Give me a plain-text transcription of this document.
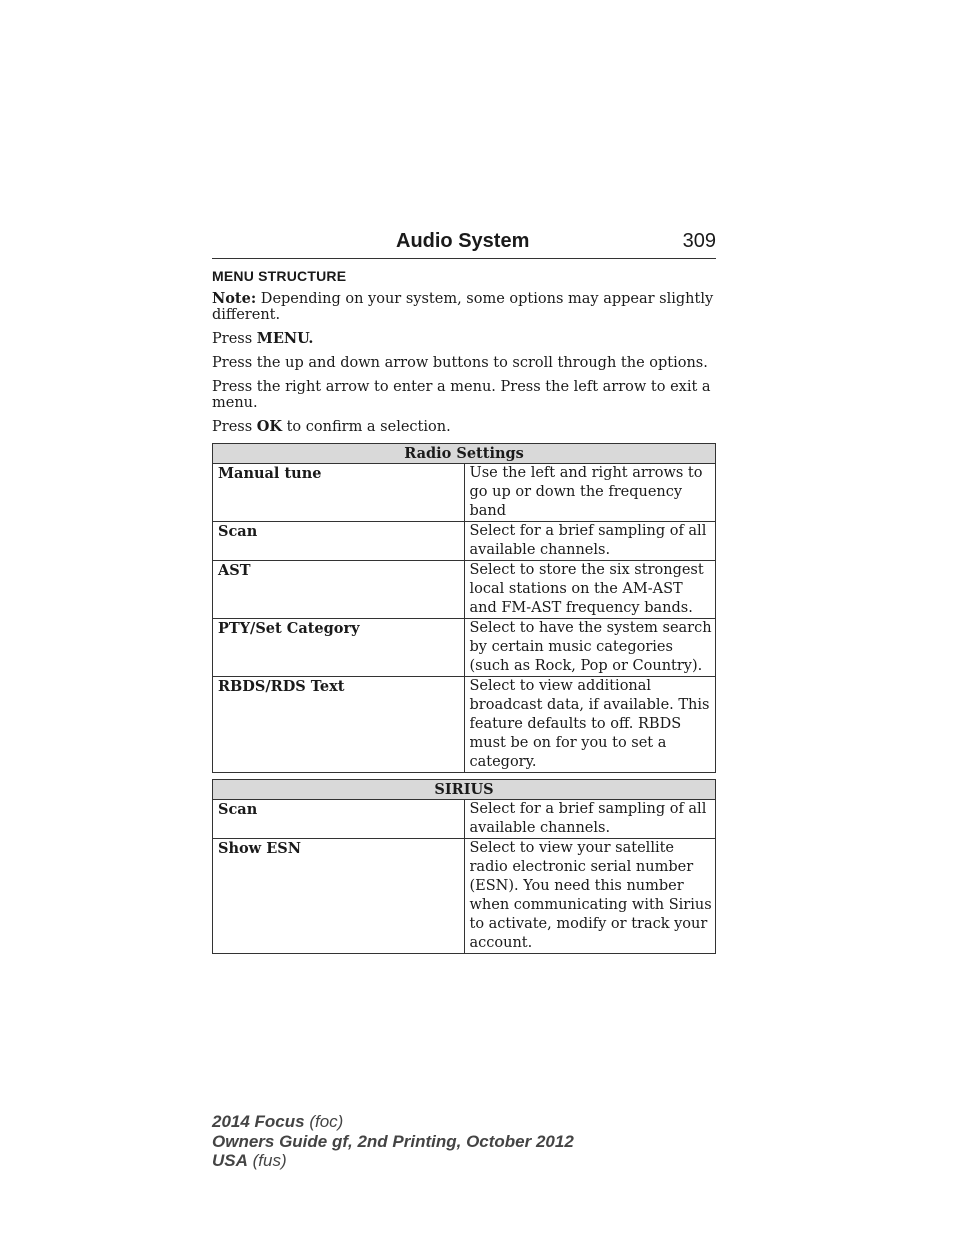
Audio System	309
MENU STRUCTURE

Note: Depending on your system, some options may appear slightly different.

Press MENU.

Press the up and down arrow buttons to scroll through the options.

Press the right arrow to enter a menu. Press the left arrow to exit a menu.

Press OK to confirm a selection.

Radio Settings	
Manual tune	Use the left and right arrows to go up or down the frequency band
Scan	Select for a brief sampling of all available channels.
AST	Select to store the six strongest local stations on the AM-AST and FM-AST frequency bands.
PTY/Set Category	Select to have the system search by certain music categories (such as Rock, Pop or Country).
RBDS/RDS Text	Select to view additional broadcast data, if available. This feature defaults to off. RBDS must be on for you to set a category.
SIRIUS	
Scan	Select for a brief sampling of all available channels.
Show ESN	Select to view your satellite radio electronic serial number (ESN). You need this number when communicating with Sirius to activate, modify or track your account.
2014 Focus (foc)
Owners Guide gf, 2nd Printing, October 2012
USA (fus)
